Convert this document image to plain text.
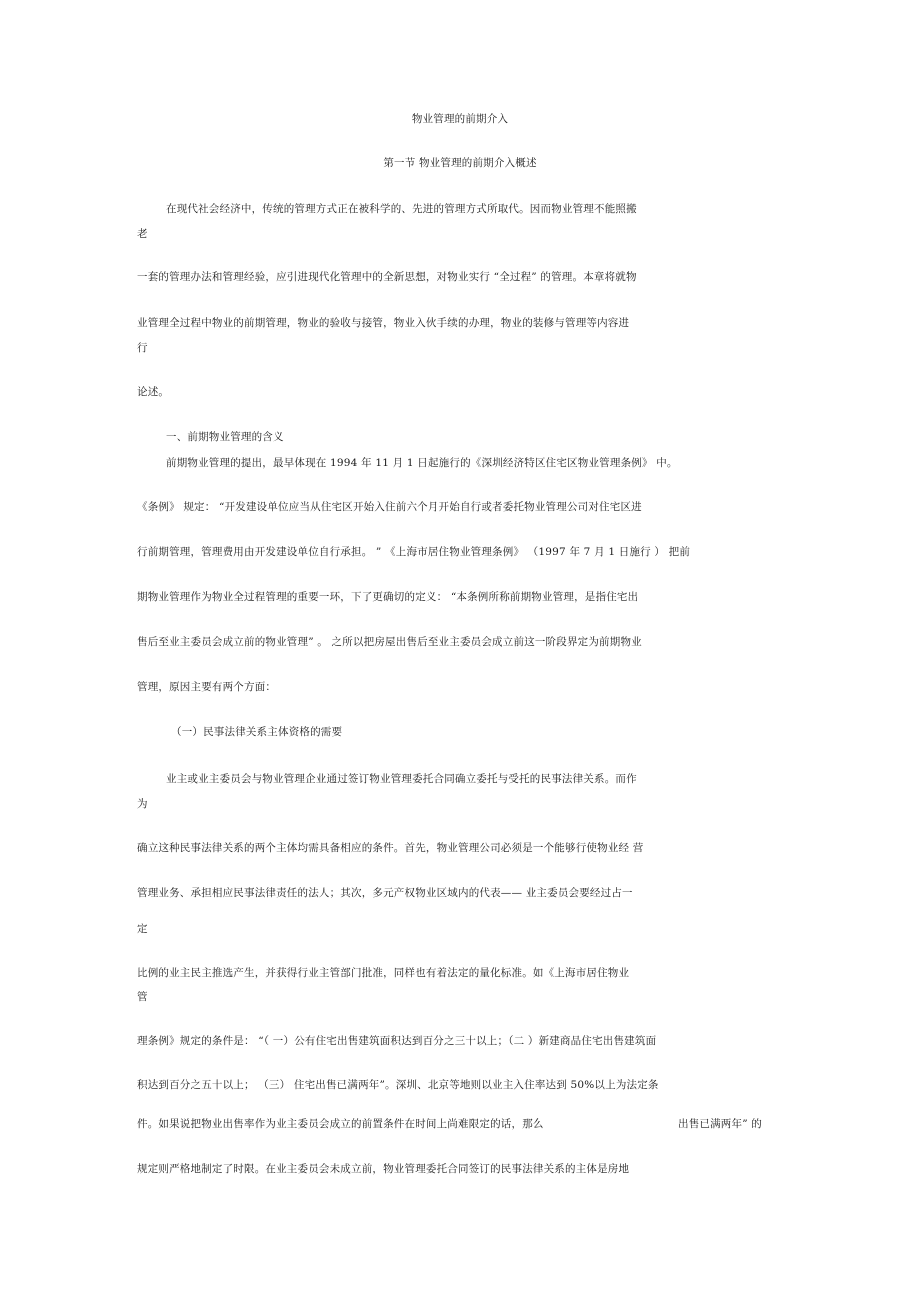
物业管理的前期介入
第一节 物业管理的前期介入概述
在现代社会经济中，传统的管理方式正在被科学的、先进的管理方式所取代。因而物业管理不能照搬
老
一套的管理办法和管理经验，应引进现代化管理中的全新思想，对物业实行 “全过程” 的管理。本章将就物
业管理全过程中物业的前期管理，物业的验收与接管，物业入伙手续的办理，物业的装修与管理等内容进
行
论述。
一、前期物业管理的含义
前期物业管理的提出，最早体现在 1994 年 11 月 1 日起施行的《深圳经济特区住宅区物业管理条例》 中。
《条例》 规定： “开发建设单位应当从住宅区开始入住前六个月开始自行或者委托物业管理公司对住宅区进
行前期管理，管理费用由开发建设单位自行承担。 ” 《上海市居住物业管理条例》 （1997 年 7 月 1 日施行 ） 把前
期物业管理作为物业全过程管理的重要一环，下了更确切的定义： “本条例所称前期物业管理，是指住宅出
售后至业主委员会成立前的物业管理” 。 之所以把房屋出售后至业主委员会成立前这一阶段界定为前期物业
管理，原因主要有两个方面：
（一）民事法律关系主体资格的需要
业主或业主委员会与物业管理企业通过签订物业管理委托合同确立委托与受托的民事法律关系。而作
为
确立这种民事法律关系的两个主体均需具备相应的条件。首先，物业管理公司必须是一个能够行使物业经 营
管理业务、承担相应民事法律责任的法人；其次，多元产权物业区域内的代表—— 业主委员会要经过占一
定
比例的业主民主推选产生，并获得行业主管部门批准，同样也有着法定的量化标准。如《上海市居住物业
管
理条例》规定的条件是： “（ 一）公有住宅出售建筑面积达到百分之三十以上；（二 ）新建商品住宅出售建筑面
积达到百分之五十以上； （三） 住宅出售已满两年”。深圳、北京等地则以业主入住率达到 50%以上为法定条
件。如果说把物业出售率作为业主委员会成立的前置条件在时间上尚难限定的话，那么	出售已满两年” 的
规定则严格地制定了时限。在业主委员会未成立前，物业管理委托合同签订的民事法律关系的主体是房地
